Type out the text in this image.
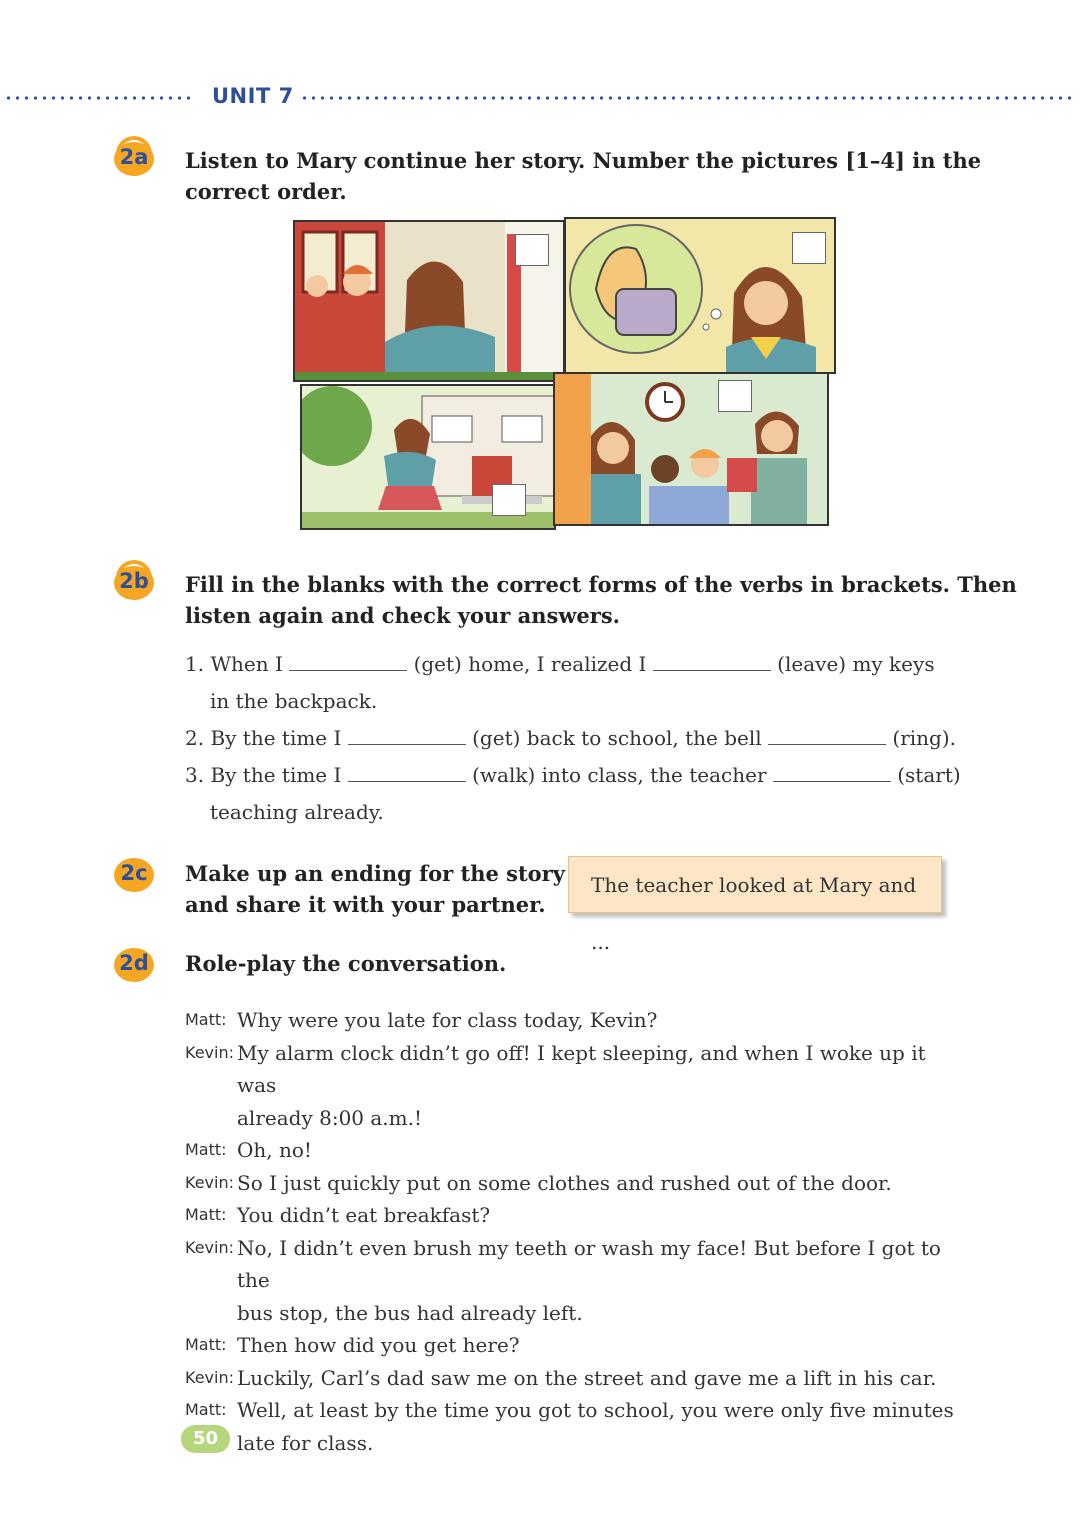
UNIT 7
2a	Listen to Mary continue her story. Number the pictures [1–4] in the
correct order.
2b	Fill in the blanks with the correct forms of the verbs in brackets. Then
listen again and check your answers.
1. When I	(get) home, I realized I	(leave) my keys
in the backpack.
2. By the time I	(get) back to school, the bell	(ring).
3. By the time I	(walk) into class, the teacher	(start)
teaching already.
2c	Make up an ending for the story
and share it with your partner.
The teacher looked at Mary and ...
2d	Role-play the conversation.
Matt: Why were you late for class today, Kevin?
Kevin: My alarm clock didn’t go off! I kept sleeping, and when I woke up it was
already 8:00 a.m.!
Matt: Oh, no!
Kevin: So I just quickly put on some clothes and rushed out of the door.
Matt: You didn’t eat breakfast?
Kevin: No, I didn’t even brush my teeth or wash my face! But before I got to the
bus stop, the bus had already left.
Matt: Then how did you get here?
Kevin: Luckily, Carl’s dad saw me on the street and gave me a lift in his car.
Matt: Well, at least by the time you got to school, you were only five minutes
late for class.
50
